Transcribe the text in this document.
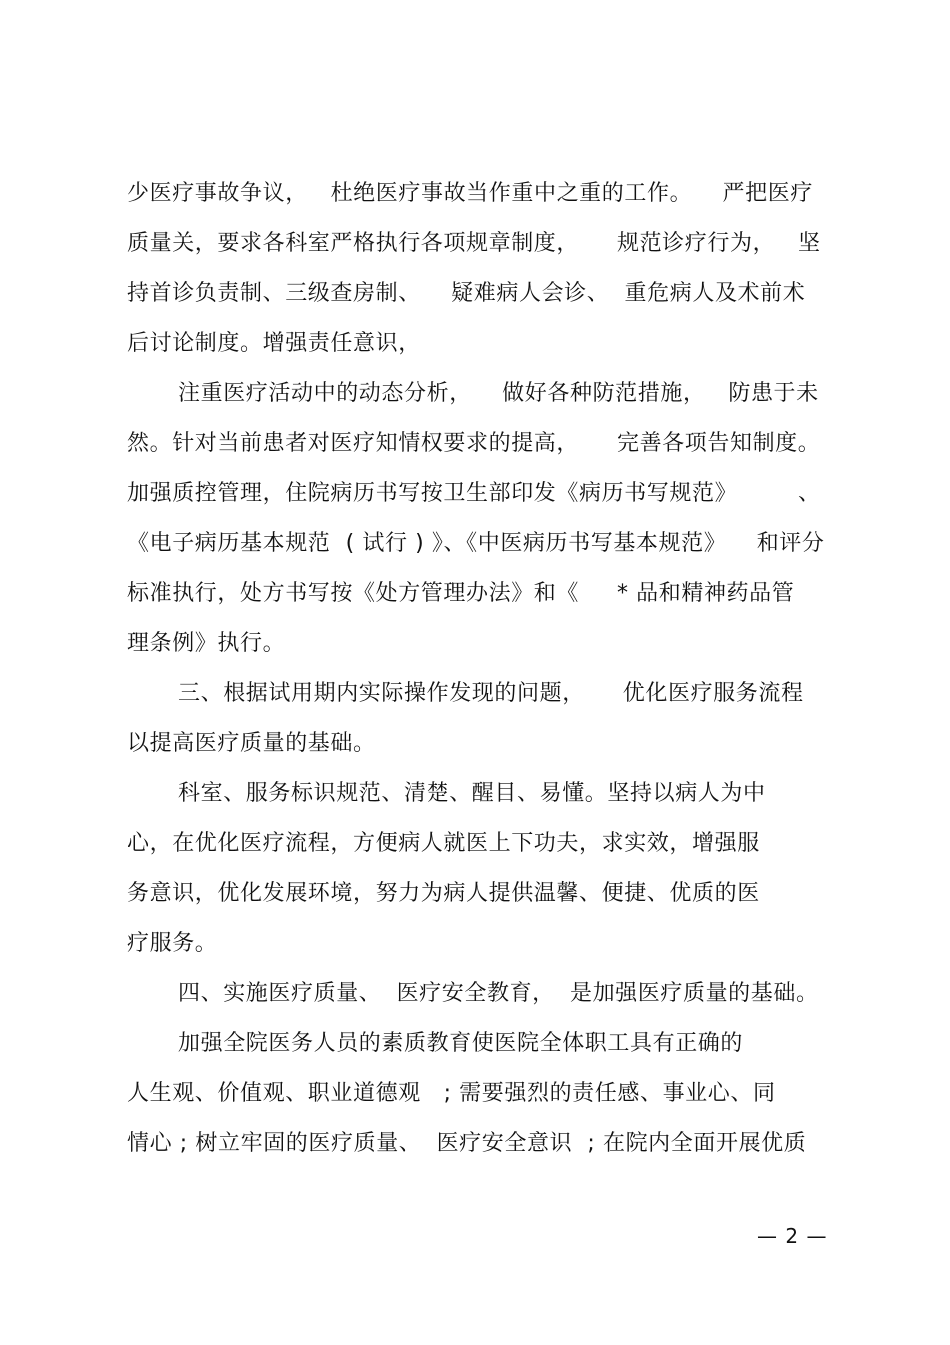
少医疗事故争议，   杜绝医疗事故当作重中之重的工作。    严把医疗
质量关，要求各科室严格执行各项规章制度，     规范诊疗行为，   坚
持首诊负责制、三级查房制、    疑难病人会诊、  重危病人及术前术
后讨论制度。增强责任意识，
注重医疗活动中的动态分析，    做好各种防范措施，   防患于未
然。针对当前患者对医疗知情权要求的提高，     完善各项告知制度。
加强质控管理，住院病历书写按卫生部印发《病历书写规范》        、
《电子病历基本规范  ( 试行 ) 》、《中医病历书写基本规范》    和评分
标准执行，处方书写按《处方管理办法》和《     * 品和精神药品管
理条例》执行。
三、根据试用期内实际操作发现的问题，     优化医疗服务流程
以提高医疗质量的基础。
科室、服务标识规范、清楚、醒目、易懂。坚持以病人为中
心，在优化医疗流程，方便病人就医上下功夫，求实效，增强服
务意识，优化发展环境，努力为病人提供温馨、便捷、优质的医
疗服务。
四、实施医疗质量、  医疗安全教育，  是加强医疗质量的基础。
加强全院医务人员的素质教育使医院全体职工具有正确的
人生观、价值观、职业道德观   ; 需要强烈的责任感、事业心、同
情心 ; 树立牢固的医疗质量、  医疗安全意识  ; 在院内全面开展优质
— 2 —
